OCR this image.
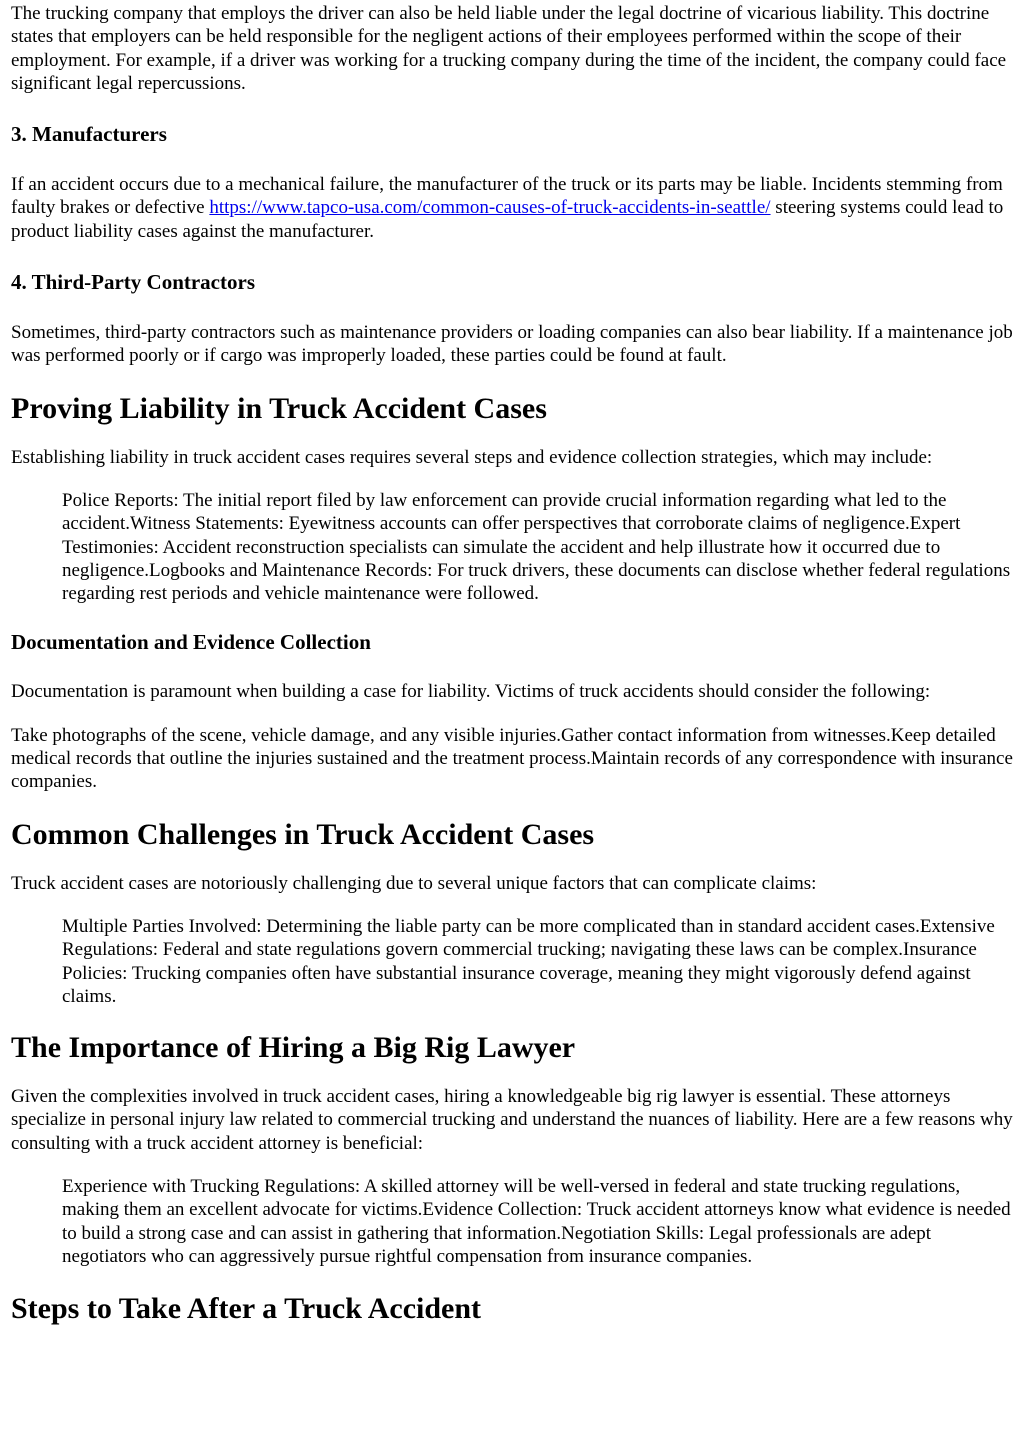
The trucking company that employs the driver can also be held liable under the legal doctrine of vicarious liability. This doctrine states that employers can be held responsible for the negligent actions of their employees performed within the scope of their employment. For example, if a driver was working for a trucking company during the time of the incident, the company could face significant legal repercussions.

3. Manufacturers

If an accident occurs due to a mechanical failure, the manufacturer of the truck or its parts may be liable. Incidents stemming from faulty brakes or defective https://www.tapco-usa.com/common-causes-of-truck-accidents-in-seattle/ steering systems could lead to product liability cases against the manufacturer.

4. Third-Party Contractors

Sometimes, third-party contractors such as maintenance providers or loading companies can also bear liability. If a maintenance job was performed poorly or if cargo was improperly loaded, these parties could be found at fault.

Proving Liability in Truck Accident Cases

Establishing liability in truck accident cases requires several steps and evidence collection strategies, which may include:

Police Reports: The initial report filed by law enforcement can provide crucial information regarding what led to the accident.Witness Statements: Eyewitness accounts can offer perspectives that corroborate claims of negligence.Expert Testimonies: Accident reconstruction specialists can simulate the accident and help illustrate how it occurred due to negligence.Logbooks and Maintenance Records: For truck drivers, these documents can disclose whether federal regulations regarding rest periods and vehicle maintenance were followed.
Documentation and Evidence Collection

Documentation is paramount when building a case for liability. Victims of truck accidents should consider the following:

Take photographs of the scene, vehicle damage, and any visible injuries.Gather contact information from witnesses.Keep detailed medical records that outline the injuries sustained and the treatment process.Maintain records of any correspondence with insurance companies.

Common Challenges in Truck Accident Cases

Truck accident cases are notoriously challenging due to several unique factors that can complicate claims:

Multiple Parties Involved: Determining the liable party can be more complicated than in standard accident cases.Extensive Regulations: Federal and state regulations govern commercial trucking; navigating these laws can be complex.Insurance Policies: Trucking companies often have substantial insurance coverage, meaning they might vigorously defend against claims.
The Importance of Hiring a Big Rig Lawyer

Given the complexities involved in truck accident cases, hiring a knowledgeable big rig lawyer is essential. These attorneys specialize in personal injury law related to commercial trucking and understand the nuances of liability. Here are a few reasons why consulting with a truck accident attorney is beneficial:

Experience with Trucking Regulations: A skilled attorney will be well-versed in federal and state trucking regulations, making them an excellent advocate for victims.Evidence Collection: Truck accident attorneys know what evidence is needed to build a strong case and can assist in gathering that information.Negotiation Skills: Legal professionals are adept negotiators who can aggressively pursue rightful compensation from insurance companies.
Steps to Take After a Truck Accident
